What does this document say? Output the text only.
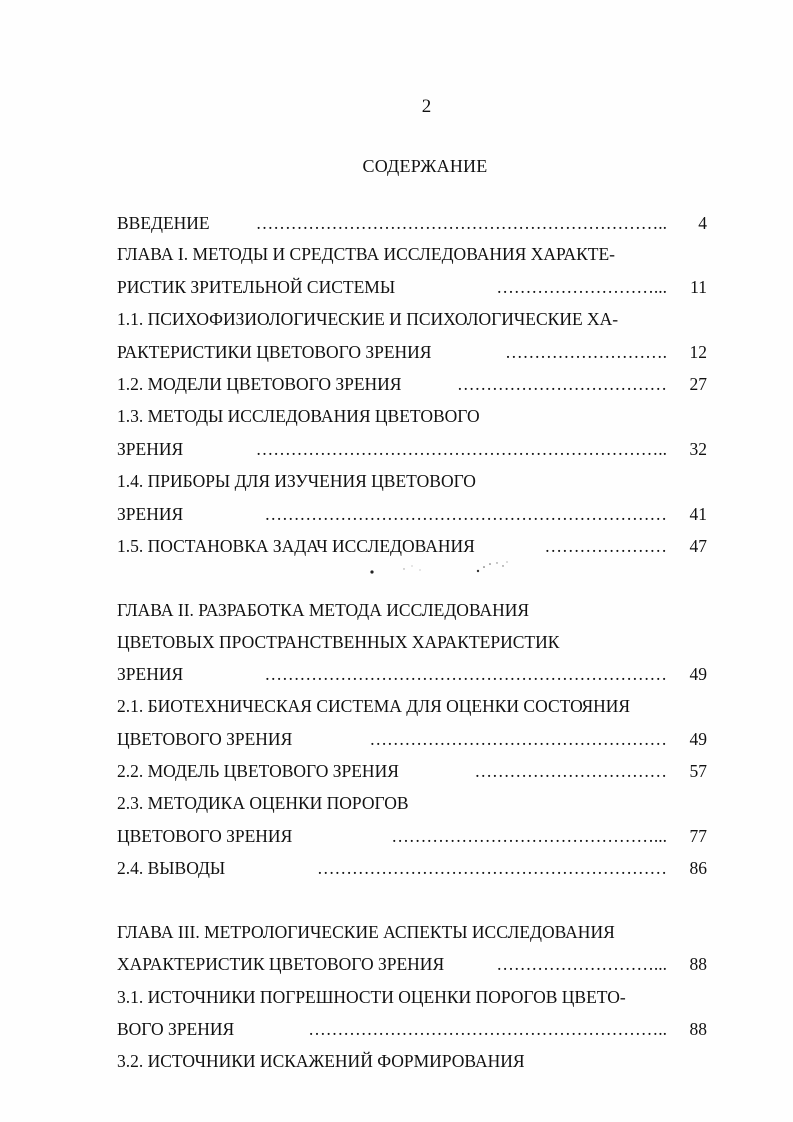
2
СОДЕРЖАНИЕ
ВВЕДЕНИЕ	……………………………………………………………..	4
ГЛАВА I. МЕТОДЫ И СРЕДСТВА ИССЛЕДОВАНИЯ ХАРАКТЕ-
РИСТИК ЗРИТЕЛЬНОЙ СИСТЕМЫ	………………………...	11
1.1. ПСИХОФИЗИОЛОГИЧЕСКИЕ И ПСИХОЛОГИЧЕСКИЕ ХА-
РАКТЕРИСТИКИ ЦВЕТОВОГО ЗРЕНИЯ	……………………….	12
1.2. МОДЕЛИ ЦВЕТОВОГО ЗРЕНИЯ	………………………………	27
1.3. МЕТОДЫ ИССЛЕДОВАНИЯ ЦВЕТОВОГО
ЗРЕНИЯ	……………………………………………………………..	32
1.4. ПРИБОРЫ ДЛЯ ИЗУЧЕНИЯ ЦВЕТОВОГО
ЗРЕНИЯ	……………………………………………………………	41
1.5. ПОСТАНОВКА ЗАДАЧ ИССЛЕДОВАНИЯ	…………………	47
ГЛАВА II. РАЗРАБОТКА МЕТОДА ИССЛЕДОВАНИЯ
ЦВЕТОВЫХ ПРОСТРАНСТВЕННЫХ ХАРАКТЕРИСТИК
ЗРЕНИЯ	……………………………………………………………	49
2.1. БИОТЕХНИЧЕСКАЯ СИСТЕМА ДЛЯ ОЦЕНКИ СОСТОЯНИЯ
ЦВЕТОВОГО ЗРЕНИЯ	……………………………………………	49
2.2. МОДЕЛЬ ЦВЕТОВОГО ЗРЕНИЯ	……………………………	57
2.3. МЕТОДИКА ОЦЕНКИ ПОРОГОВ
ЦВЕТОВОГО ЗРЕНИЯ	………………………………………...	77
2.4. ВЫВОДЫ	……………………………………………………	86
ГЛАВА III. МЕТРОЛОГИЧЕСКИЕ АСПЕКТЫ ИССЛЕДОВАНИЯ
ХАРАКТЕРИСТИК ЦВЕТОВОГО ЗРЕНИЯ	………………………...	88
3.1. ИСТОЧНИКИ ПОГРЕШНОСТИ ОЦЕНКИ ПОРОГОВ ЦВЕТО-
ВОГО ЗРЕНИЯ	……………………………………………………..	88
3.2. ИСТОЧНИКИ ИСКАЖЕНИЙ ФОРМИРОВАНИЯ
